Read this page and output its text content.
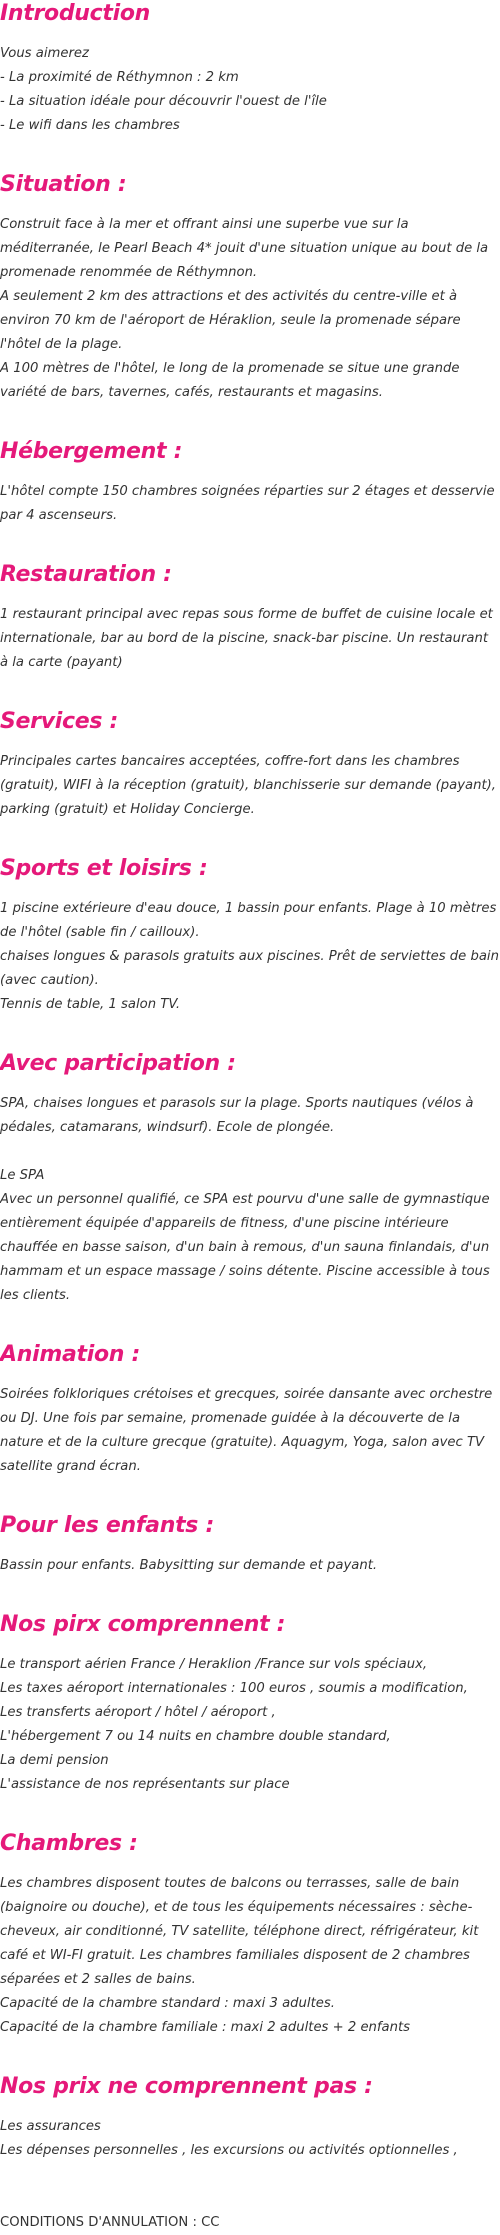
Introduction

Vous aimerez
- La proximité de Réthymnon : 2 km
- La situation idéale pour découvrir l'ouest de l'île
- Le wifi dans les chambres

Situation :

Construit face à la mer et offrant ainsi une superbe vue sur la méditerranée, le Pearl Beach 4* jouit d'une situation unique au bout de la promenade renommée de Réthymnon.
A seulement 2 km des attractions et des activités du centre-ville et à environ 70 km de l'aéroport de Héraklion, seule la promenade sépare l'hôtel de la plage.
A 100 mètres de l'hôtel, le long de la promenade se situe une grande variété de bars, tavernes, cafés, restaurants et magasins.

Hébergement :

L'hôtel compte 150 chambres soignées réparties sur 2 étages et desservie par 4 ascenseurs.

Restauration :

1 restaurant principal avec repas sous forme de buffet de cuisine locale et internationale, bar au bord de la piscine, snack-bar piscine. Un restaurant à la carte (payant)

Services :

Principales cartes bancaires acceptées, coffre-fort dans les chambres (gratuit), WIFI à la réception (gratuit), blanchisserie sur demande (payant), parking (gratuit) et Holiday Concierge.

Sports et loisirs :

1 piscine extérieure d'eau douce, 1 bassin pour enfants. Plage à 10 mètres de l'hôtel (sable fin / cailloux).
chaises longues & parasols gratuits aux piscines. Prêt de serviettes de bain (avec caution).
Tennis de table, 1 salon TV.

Avec participation :

SPA, chaises longues et parasols sur la plage. Sports nautiques (vélos à pédales, catamarans, windsurf). Ecole de plongée.

Le SPA
Avec un personnel qualifié, ce SPA est pourvu d'une salle de gymnastique entièrement équipée d'appareils de fitness, d'une piscine intérieure chauffée en basse saison, d'un bain à remous, d'un sauna finlandais, d'un hammam et un espace massage / soins détente. Piscine accessible à tous les clients.

Animation :

Soirées folkloriques crétoises et grecques, soirée dansante avec orchestre ou DJ. Une fois par semaine, promenade guidée à la découverte de la nature et de la culture grecque (gratuite). Aquagym, Yoga, salon avec TV satellite grand écran.

Pour les enfants :

Bassin pour enfants. Babysitting sur demande et payant.

Nos pirx comprennent :

Le transport aérien France / Heraklion /France sur vols spéciaux,
Les taxes aéroport internationales : 100 euros , soumis a modification,
Les transferts aéroport / hôtel / aéroport ,
L'hébergement 7 ou 14 nuits en chambre double standard,
La demi pension
L'assistance de nos représentants sur place

Chambres :

Les chambres disposent toutes de balcons ou terrasses, salle de bain (baignoire ou douche), et de tous les équipements nécessaires : sèche-cheveux, air conditionné, TV satellite, téléphone direct, réfrigérateur, kit café et WI-FI gratuit. Les chambres familiales disposent de 2 chambres séparées et 2 salles de bains.
Capacité de la chambre standard : maxi 3 adultes.
Capacité de la chambre familiale : maxi 2 adultes + 2 enfants

Nos prix ne comprennent pas :

Les assurances
Les dépenses personnelles , les excursions ou activités optionnelles ,

CONDITIONS D'ANNULATION : CC
